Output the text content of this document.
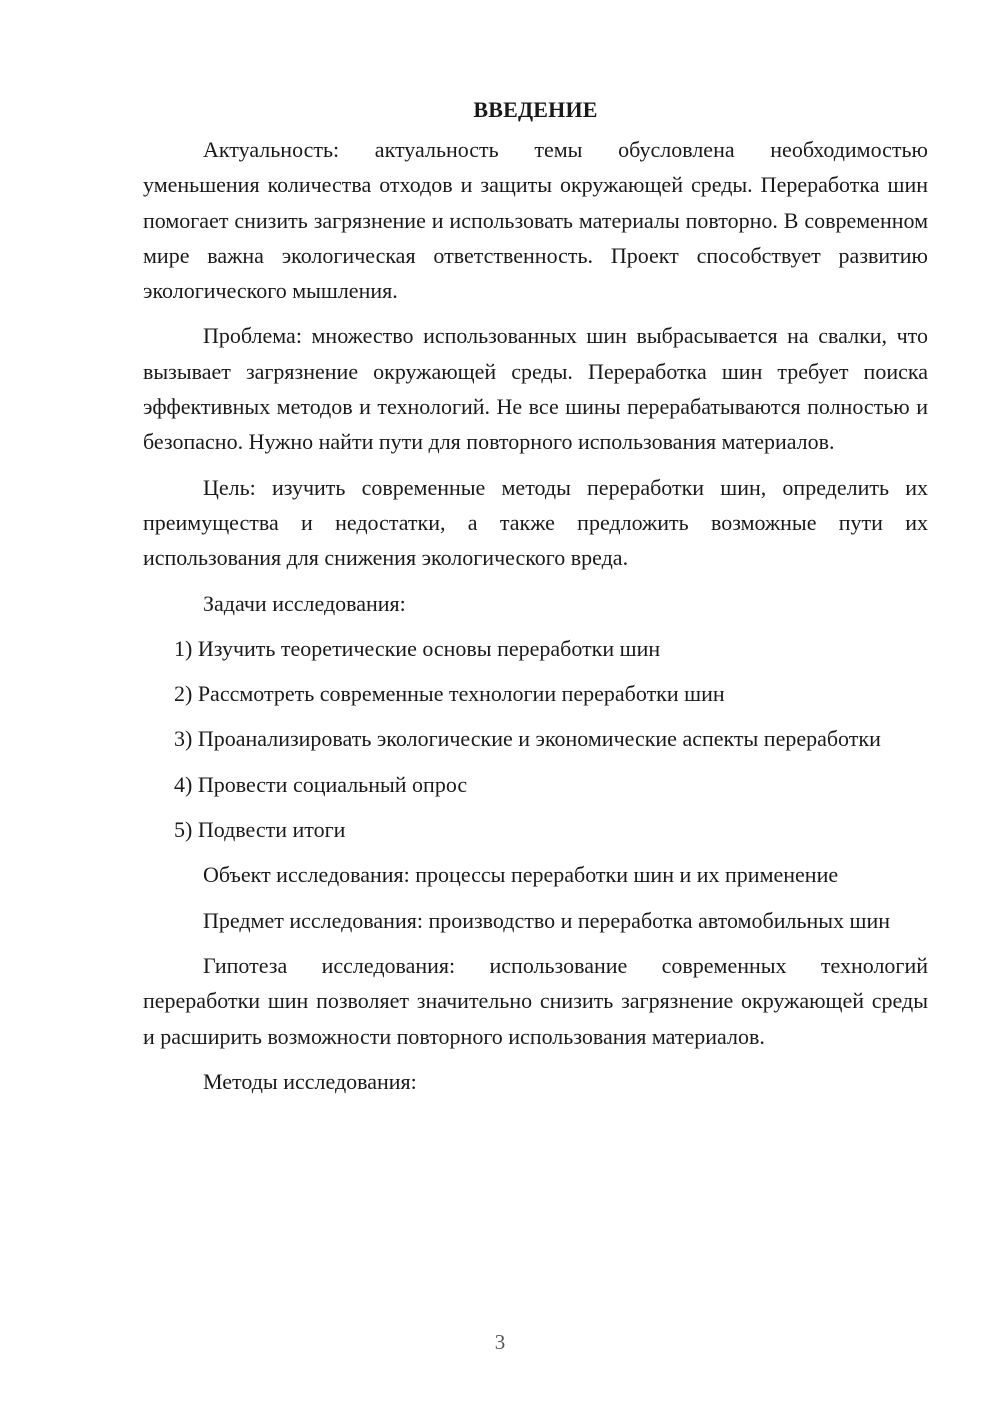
ВВЕДЕНИЕ

Актуальность: актуальность темы обусловлена необходимостью уменьшения количества отходов и защиты окружающей среды. Переработка шин помогает снизить загрязнение и использовать материалы повторно. В современном мире важна экологическая ответственность. Проект способствует развитию экологического мышления.

Проблема: множество использованных шин выбрасывается на свалки, что вызывает загрязнение окружающей среды. Переработка шин требует поиска эффективных методов и технологий. Не все шины перерабатываются полностью и безопасно. Нужно найти пути для повторного использования материалов.

Цель: изучить современные методы переработки шин, определить их преимущества и недостатки, а также предложить возможные пути их использования для снижения экологического вреда.

Задачи исследования:

1) Изучить теоретические основы переработки шин

2) Рассмотреть современные технологии переработки шин

3) Проанализировать экологические и экономические аспекты переработки

4) Провести социальный опрос

5) Подвести итоги

Объект исследования: процессы переработки шин и их применение

Предмет исследования: производство и переработка автомобильных шин

Гипотеза исследования: использование современных технологий переработки шин позволяет значительно снизить загрязнение окружающей среды и расширить возможности повторного использования материалов.

Методы исследования:

3
